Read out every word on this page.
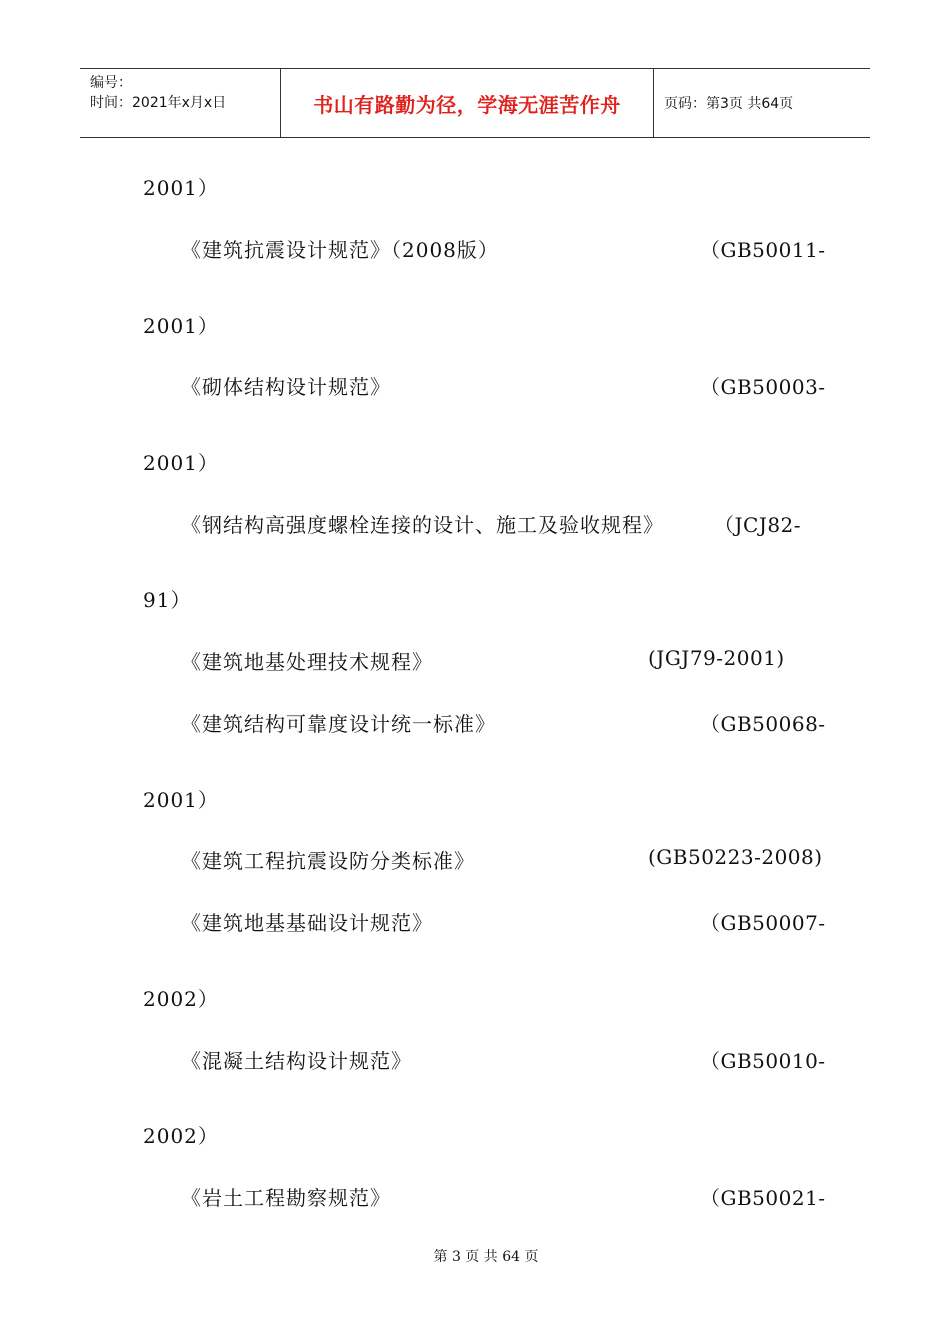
编号：
时间：2021年x月x日	书山有路勤为径，学海无涯苦作舟	页码：第3页 共64页
2001）
《建筑抗震设计规范》（2008版）	（GB50011-
2001）
《砌体结构设计规范》	（GB50003-
2001）
《钢结构高强度螺栓连接的设计、施工及验收规程》	（JCJ82-
91）
《建筑地基处理技术规程》	(JGJ79-2001)
《建筑结构可靠度设计统一标准》	（GB50068-
2001）
《建筑工程抗震设防分类标准》	(GB50223-2008)
《建筑地基基础设计规范》	（GB50007-
2002）
《混凝土结构设计规范》	（GB50010-
2002）
《岩土工程勘察规范》	（GB50021-
第 3 页 共 64 页
